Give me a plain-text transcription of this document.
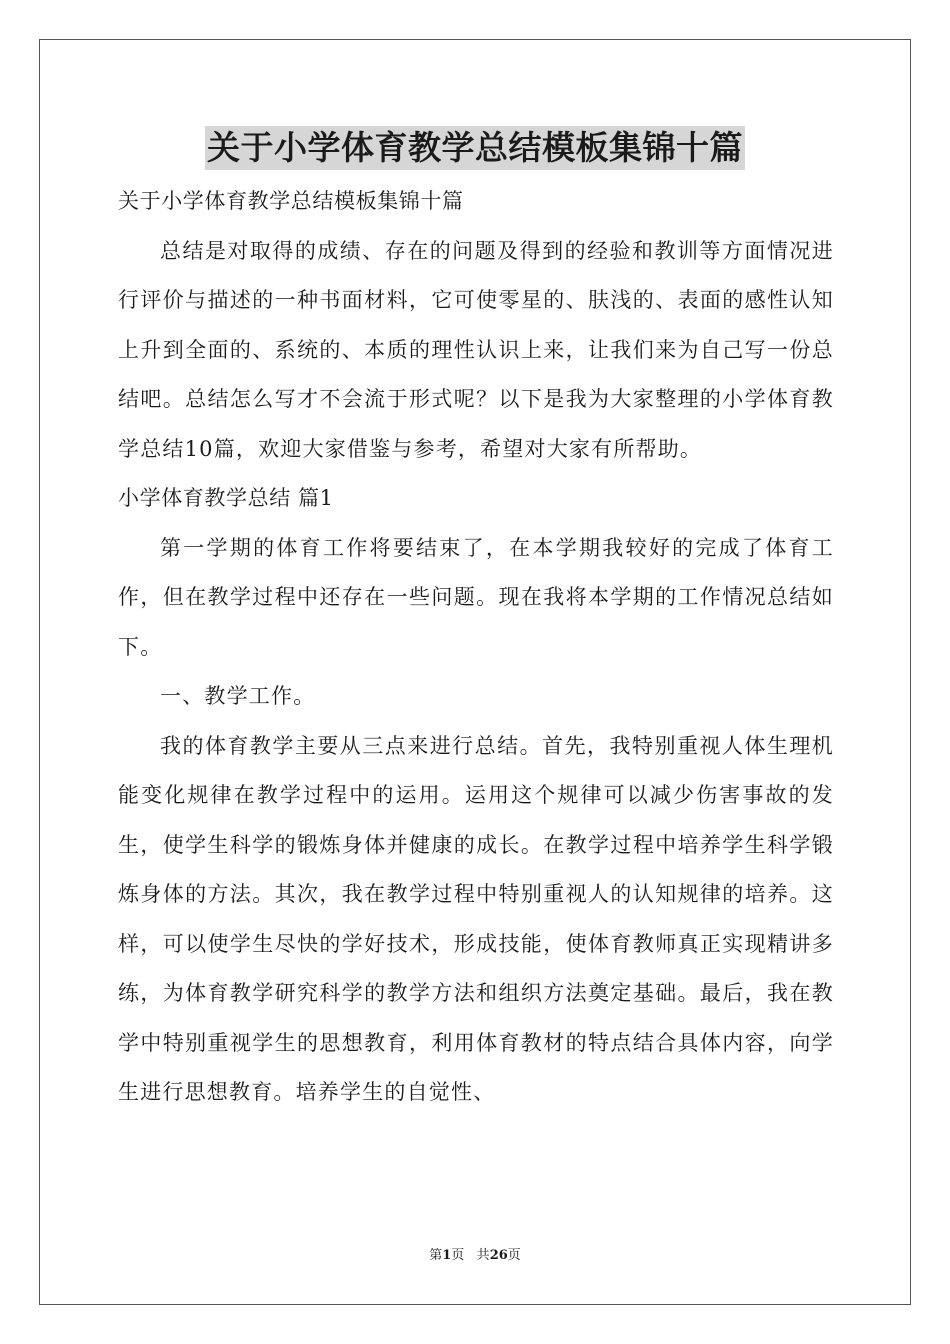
关于小学体育教学总结模板集锦十篇

关于小学体育教学总结模板集锦十篇

总结是对取得的成绩、存在的问题及得到的经验和教训等方面情况进行评价与描述的一种书面材料，它可使零星的、肤浅的、表面的感性认知上升到全面的、系统的、本质的理性认识上来，让我们来为自己写一份总结吧。总结怎么写才不会流于形式呢？以下是我为大家整理的小学体育教学总结10篇，欢迎大家借鉴与参考，希望对大家有所帮助。

小学体育教学总结 篇1

第一学期的体育工作将要结束了，在本学期我较好的完成了体育工作，但在教学过程中还存在一些问题。现在我将本学期的工作情况总结如下。

一、教学工作。

我的体育教学主要从三点来进行总结。首先，我特别重视人体生理机能变化规律在教学过程中的运用。运用这个规律可以减少伤害事故的发生，使学生科学的锻炼身体并健康的成长。在教学过程中培养学生科学锻炼身体的方法。其次，我在教学过程中特别重视人的认知规律的培养。这样，可以使学生尽快的学好技术，形成技能，使体育教师真正实现精讲多练，为体育教学研究科学的教学方法和组织方法奠定基础。最后，我在教学中特别重视学生的思想教育，利用体育教材的特点结合具体内容，向学生进行思想教育。培养学生的自觉性、

第1页 共26页
